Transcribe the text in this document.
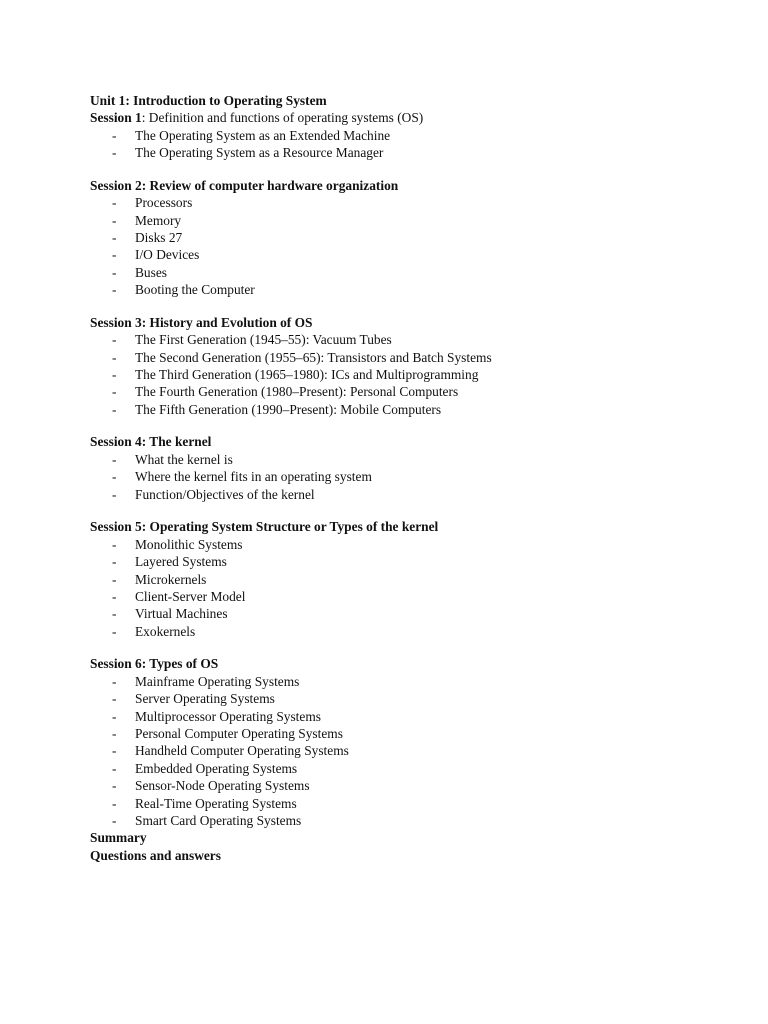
Unit 1: Introduction to Operating System
Session 1: Definition and functions of operating systems (OS)
- The Operating System as an Extended Machine
- The Operating System as a Resource Manager
Session 2: Review of computer hardware organization
- Processors
- Memory
- Disks 27
- I/O Devices
- Buses
- Booting the Computer
Session 3: History and Evolution of OS
- The First Generation (1945–55): Vacuum Tubes
- The Second Generation (1955–65): Transistors and Batch Systems
- The Third Generation (1965–1980): ICs and Multiprogramming
- The Fourth Generation (1980–Present): Personal Computers
- The Fifth Generation (1990–Present): Mobile Computers
Session 4: The kernel
- What the kernel is
- Where the kernel fits in an operating system
- Function/Objectives of the kernel
Session 5: Operating System Structure or Types of the kernel
- Monolithic Systems
- Layered Systems
- Microkernels
- Client-Server Model
- Virtual Machines
- Exokernels
Session 6: Types of OS
- Mainframe Operating Systems
- Server Operating Systems
- Multiprocessor Operating Systems
- Personal Computer Operating Systems
- Handheld Computer Operating Systems
- Embedded Operating Systems
- Sensor-Node Operating Systems
- Real-Time Operating Systems
- Smart Card Operating Systems
Summary
Questions and answers
